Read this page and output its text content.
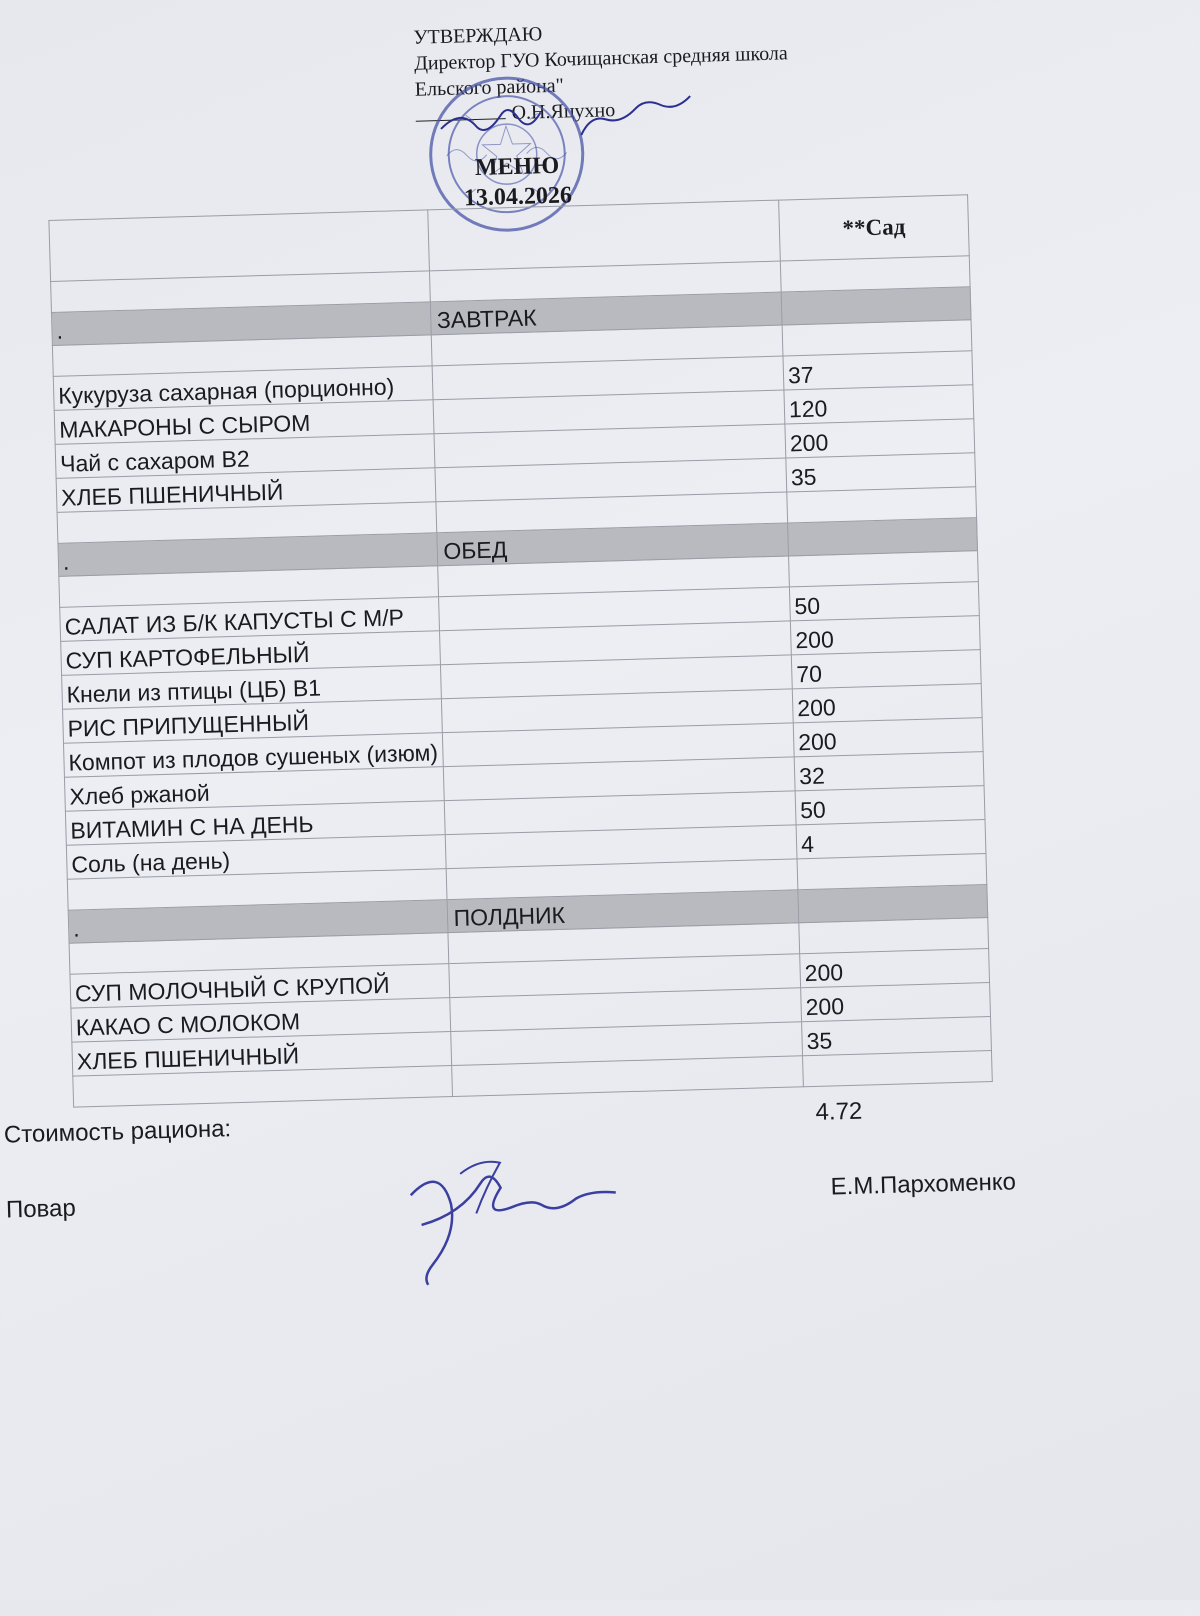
УТВЕРЖДАЮ
Директор ГУО Кочищанская средняя школа
Ельского района"
О.Н.Яцухно
МЕНЮ
13.04.2026
		**Сад

.	ЗАВТРАК	

Кукуруза сахарная (порционно)		37
МАКАРОНЫ С СЫРОМ		120
Чай с сахаром В2		200
ХЛЕБ ПШЕНИЧНЫЙ		35

.	ОБЕД	

САЛАТ ИЗ Б/К КАПУСТЫ С М/Р		50
СУП КАРТОФЕЛЬНЫЙ		200
Кнели из птицы (ЦБ) В1		70
РИС ПРИПУЩЕННЫЙ		200
Компот из плодов сушеных (изюм)		200
Хлеб ржаной		32
ВИТАМИН С НА ДЕНЬ		50
Соль (на день)		4

.	ПОЛДНИК	

СУП МОЛОЧНЫЙ С КРУПОЙ		200
КАКАО С МОЛОКОМ		200
ХЛЕБ ПШЕНИЧНЫЙ		35

Стоимость рациона:
4.72
Повар
Е.М.Пархоменко
